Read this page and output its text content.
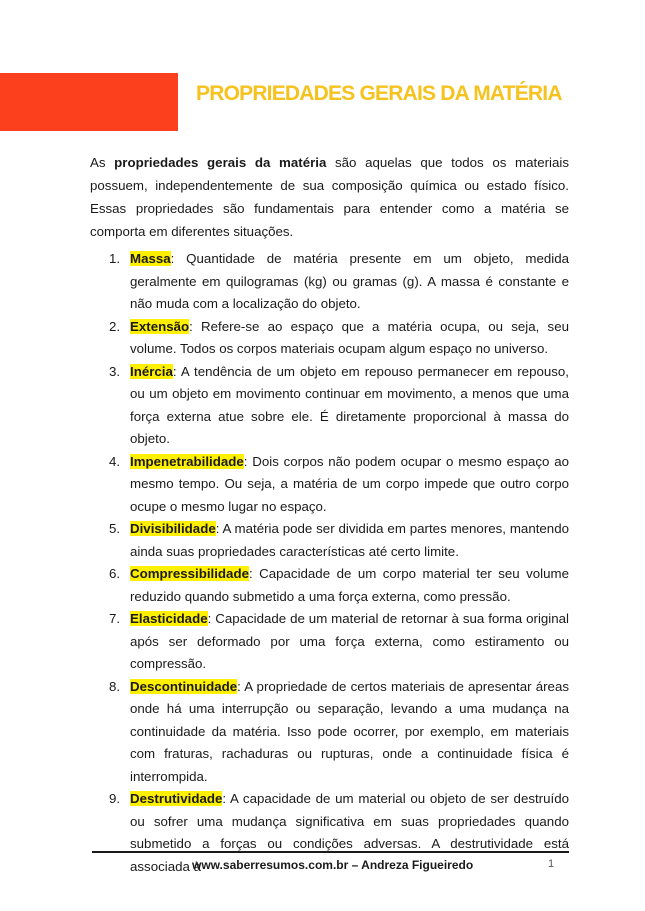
PROPRIEDADES GERAIS DA MATÉRIA

As propriedades gerais da matéria são aquelas que todos os materiais possuem, independentemente de sua composição química ou estado físico. Essas propriedades são fundamentais para entender como a matéria se comporta em diferentes situações.

1. Massa: Quantidade de matéria presente em um objeto, medida geralmente em quilogramas (kg) ou gramas (g). A massa é constante e não muda com a localização do objeto.
2. Extensão: Refere-se ao espaço que a matéria ocupa, ou seja, seu volume. Todos os corpos materiais ocupam algum espaço no universo.
3. Inércia: A tendência de um objeto em repouso permanecer em repouso, ou um objeto em movimento continuar em movimento, a menos que uma força externa atue sobre ele. É diretamente proporcional à massa do objeto.
4. Impenetrabilidade: Dois corpos não podem ocupar o mesmo espaço ao mesmo tempo. Ou seja, a matéria de um corpo impede que outro corpo ocupe o mesmo lugar no espaço.
5. Divisibilidade: A matéria pode ser dividida em partes menores, mantendo ainda suas propriedades características até certo limite.
6. Compressibilidade: Capacidade de um corpo material ter seu volume reduzido quando submetido a uma força externa, como pressão.
7. Elasticidade: Capacidade de um material de retornar à sua forma original após ser deformado por uma força externa, como estiramento ou compressão.
8. Descontinuidade: A propriedade de certos materiais de apresentar áreas onde há uma interrupção ou separação, levando a uma mudança na continuidade da matéria. Isso pode ocorrer, por exemplo, em materiais com fraturas, rachaduras ou rupturas, onde a continuidade física é interrompida.
9. Destrutividade: A capacidade de um material ou objeto de ser destruído ou sofrer uma mudança significativa em suas propriedades quando submetido a forças ou condições adversas. A destrutividade está associada à
www.saberresumos.com.br – Andreza Figueiredo	1
